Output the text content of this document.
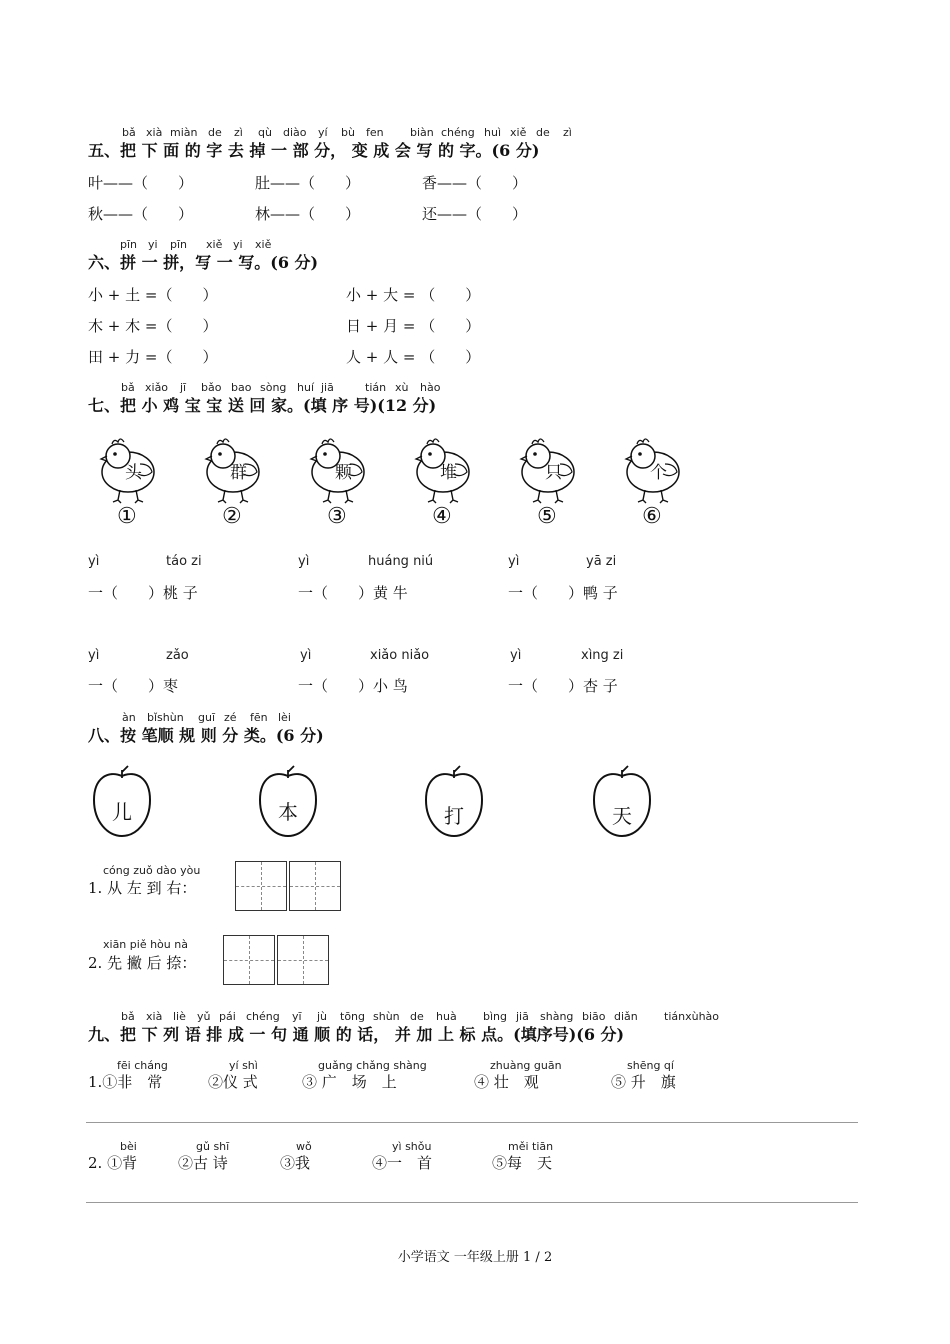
bǎ xià miàn de zì qù diào yí bù fen biàn chéng huì xiě de zì
五、把 下 面 的 字 去 掉 一 部 分， 变 成 会 写 的 字。(6 分)
叶——（　　）	肚——（　　）	香——（　　）
秋——（　　）	林——（　　）	还——（　　）
pīn yi pīn xiě yi xiě
六、拼 一 拼，写 一 写。(6 分)
小 + 土 =（　　）	小 + 大 = （　　）
木 + 木 =（　　）	日 + 月 = （　　）
田 + 力 =（　　）	人 + 人 = （　　）
bǎ xiǎo jī bǎo bao sòng huí jiā	tián xù hào
七、把 小 鸡 宝 宝 送 回 家。(填 序 号)(12 分)
头	群	颗	堆	只	个
①	②	③	④	⑤	⑥
yì	táo zi	yì	huáng niú	yì	yā zi
一（　　）桃 子	一（　　）黄 牛	一（　　）鸭 子
yì	zǎo	yì	xiǎo niǎo	yì	xìng zi
一（　　）枣	一（　　）小 鸟	一（　　）杏 子
àn bǐshùn guī zé fēn lèi
八、按 笔顺 规 则 分 类。(6 分)
儿	本	打	天
cóng zuǒ dào yòu
1. 从 左 到 右：
xiān piě hòu nà
2. 先 撇 后 捺：
bǎ xià liè yǔ pái chéng yī jù tōng shùn de huà bìng jiā shàng biāo diǎn tiánxùhào
九、把 下 列 语 排 成 一 句 通 顺 的 话， 并 加 上 标 点。(填序号)(6 分)
fēi cháng	yí shì	guǎng chǎng shàng	zhuàng guān	shēng qí
1.①非　常	②仪 式	③ 广　场　上	④ 壮　观	⑤ 升　旗
bèi	gǔ shī	wǒ	yì shǒu	měi tiān
2. ①背	②古 诗	③我	④一　首	⑤每　天
小学语文 一年级上册 1 / 2
